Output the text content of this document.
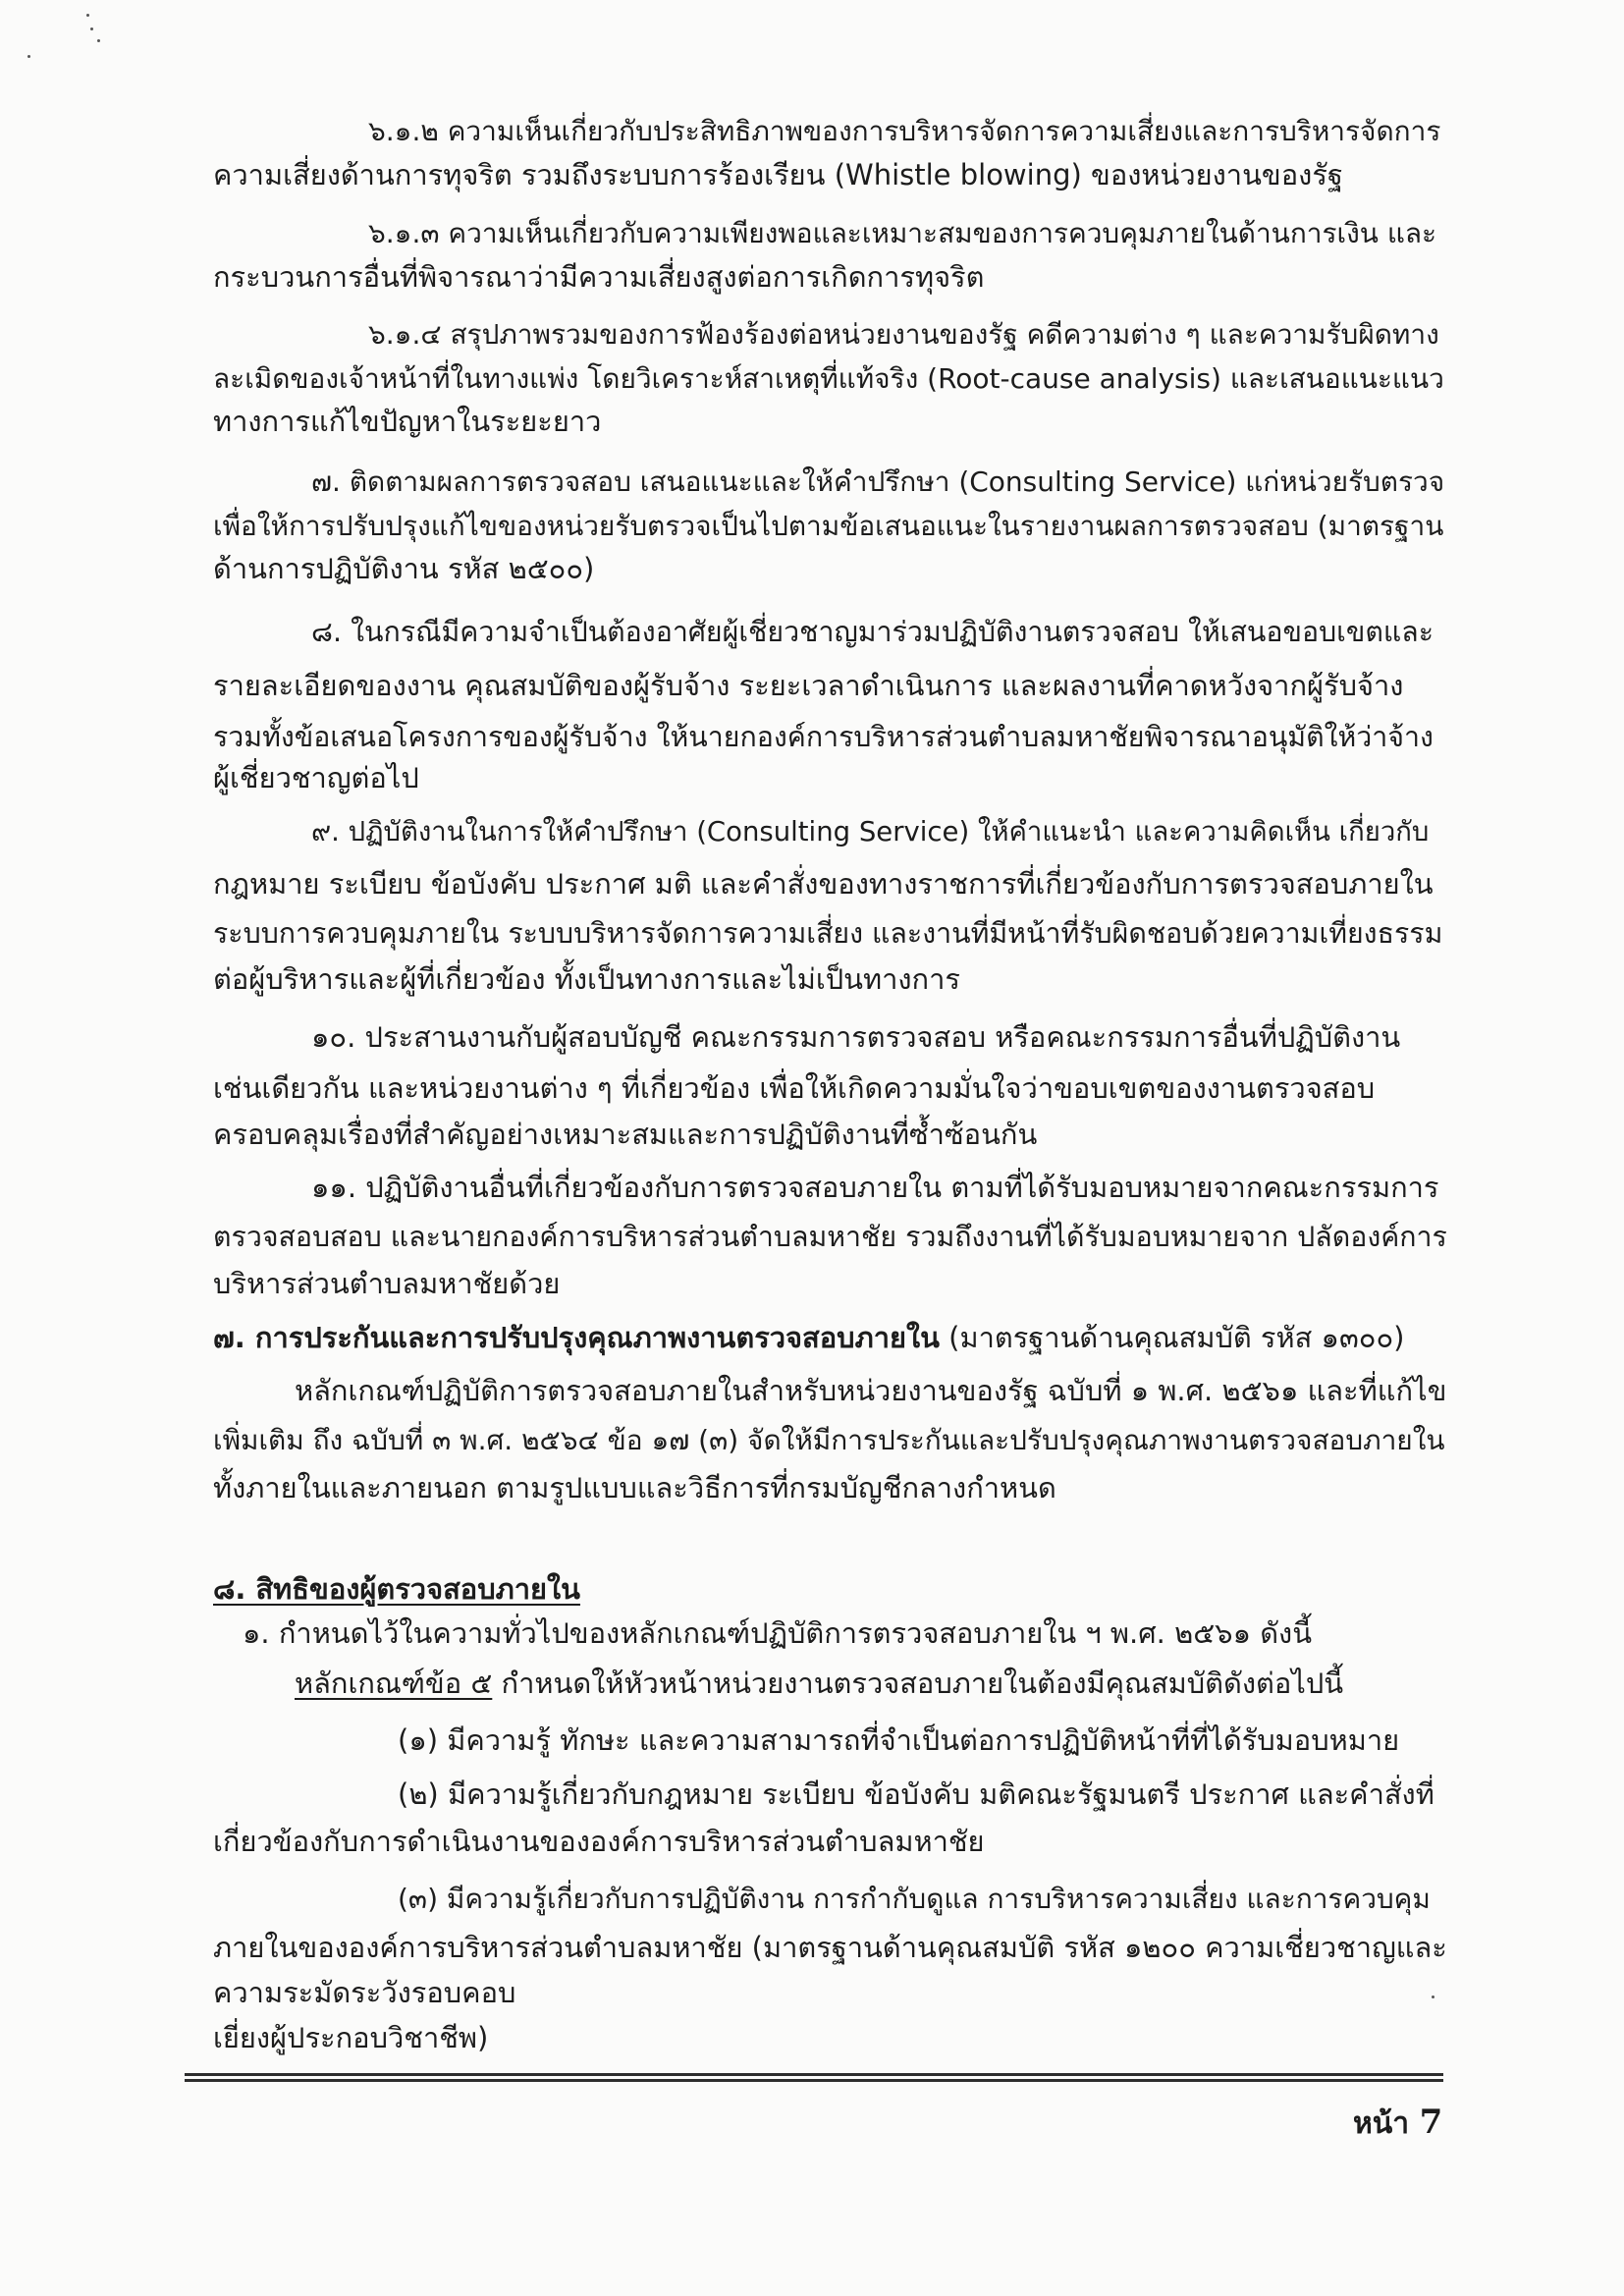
๖.๑.๒ ความเห็นเกี่ยวกับประสิทธิภาพของการบริหารจัดการความเสี่ยงและการบริหารจัดการ
ความเสี่ยงด้านการทุจริต รวมถึงระบบการร้องเรียน (Whistle blowing) ของหน่วยงานของรัฐ
๖.๑.๓ ความเห็นเกี่ยวกับความเพียงพอและเหมาะสมของการควบคุมภายในด้านการเงิน และ
กระบวนการอื่นที่พิจารณาว่ามีความเสี่ยงสูงต่อการเกิดการทุจริต
๖.๑.๔ สรุปภาพรวมของการฟ้องร้องต่อหน่วยงานของรัฐ คดีความต่าง ๆ และความรับผิดทาง
ละเมิดของเจ้าหน้าที่ในทางแพ่ง โดยวิเคราะห์สาเหตุที่แท้จริง (Root-cause analysis) และเสนอแนะแนว
ทางการแก้ไขปัญหาในระยะยาว
๗. ติดตามผลการตรวจสอบ เสนอแนะและให้คำปรึกษา (Consulting Service) แก่หน่วยรับตรวจ
เพื่อให้การปรับปรุงแก้ไขของหน่วยรับตรวจเป็นไปตามข้อเสนอแนะในรายงานผลการตรวจสอบ (มาตรฐาน
ด้านการปฏิบัติงาน รหัส ๒๕๐๐)
๘. ในกรณีมีความจำเป็นต้องอาศัยผู้เชี่ยวชาญมาร่วมปฏิบัติงานตรวจสอบ ให้เสนอขอบเขตและ
รายละเอียดของงาน คุณสมบัติของผู้รับจ้าง ระยะเวลาดำเนินการ และผลงานที่คาดหวังจากผู้รับจ้าง
รวมทั้งข้อเสนอโครงการของผู้รับจ้าง ให้นายกองค์การบริหารส่วนตำบลมหาชัยพิจารณาอนุมัติให้ว่าจ้าง
ผู้เชี่ยวชาญต่อไป
๙. ปฏิบัติงานในการให้คำปรึกษา (Consulting Service) ให้คำแนะนำ และความคิดเห็น เกี่ยวกับ
กฎหมาย ระเบียบ ข้อบังคับ ประกาศ มติ และคำสั่งของทางราชการที่เกี่ยวข้องกับการตรวจสอบภายใน
ระบบการควบคุมภายใน ระบบบริหารจัดการความเสี่ยง และงานที่มีหน้าที่รับผิดชอบด้วยความเที่ยงธรรม
ต่อผู้บริหารและผู้ที่เกี่ยวข้อง ทั้งเป็นทางการและไม่เป็นทางการ
๑๐. ประสานงานกับผู้สอบบัญชี คณะกรรมการตรวจสอบ หรือคณะกรรมการอื่นที่ปฏิบัติงาน
เช่นเดียวกัน และหน่วยงานต่าง ๆ ที่เกี่ยวข้อง เพื่อให้เกิดความมั่นใจว่าขอบเขตของงานตรวจสอบ
ครอบคลุมเรื่องที่สำคัญอย่างเหมาะสมและการปฏิบัติงานที่ซ้ำซ้อนกัน
๑๑. ปฏิบัติงานอื่นที่เกี่ยวข้องกับการตรวจสอบภายใน ตามที่ได้รับมอบหมายจากคณะกรรมการ
ตรวจสอบสอบ และนายกองค์การบริหารส่วนตำบลมหาชัย รวมถึงงานที่ได้รับมอบหมายจาก ปลัดองค์การ
บริหารส่วนตำบลมหาชัยด้วย
๗. การประกันและการปรับปรุงคุณภาพงานตรวจสอบภายใน (มาตรฐานด้านคุณสมบัติ รหัส ๑๓๐๐)
หลักเกณฑ์ปฏิบัติการตรวจสอบภายในสำหรับหน่วยงานของรัฐ ฉบับที่ ๑ พ.ศ. ๒๕๖๑ และที่แก้ไข
เพิ่มเติม ถึง ฉบับที่ ๓ พ.ศ. ๒๕๖๔ ข้อ ๑๗ (๓) จัดให้มีการประกันและปรับปรุงคุณภาพงานตรวจสอบภายใน
ทั้งภายในและภายนอก ตามรูปแบบและวิธีการที่กรมบัญชีกลางกำหนด
๘. สิทธิของผู้ตรวจสอบภายใน
๑. กำหนดไว้ในความทั่วไปของหลักเกณฑ์ปฏิบัติการตรวจสอบภายใน ฯ พ.ศ. ๒๕๖๑ ดังนี้
หลักเกณฑ์ข้อ ๕ กำหนดให้หัวหน้าหน่วยงานตรวจสอบภายในต้องมีคุณสมบัติดังต่อไปนี้
(๑) มีความรู้ ทักษะ และความสามารถที่จำเป็นต่อการปฏิบัติหน้าที่ที่ได้รับมอบหมาย
(๒) มีความรู้เกี่ยวกับกฎหมาย ระเบียบ ข้อบังคับ มติคณะรัฐมนตรี ประกาศ และคำสั่งที่
เกี่ยวข้องกับการดำเนินงานขององค์การบริหารส่วนตำบลมหาชัย
(๓) มีความรู้เกี่ยวกับการปฏิบัติงาน การกำกับดูแล การบริหารความเสี่ยง และการควบคุม
ภายในขององค์การบริหารส่วนตำบลมหาชัย (มาตรฐานด้านคุณสมบัติ รหัส ๑๒๐๐ ความเชี่ยวชาญและ
ความระมัดระวังรอบคอบ
เยี่ยงผู้ประกอบวิชาชีพ)
หน้า 7
